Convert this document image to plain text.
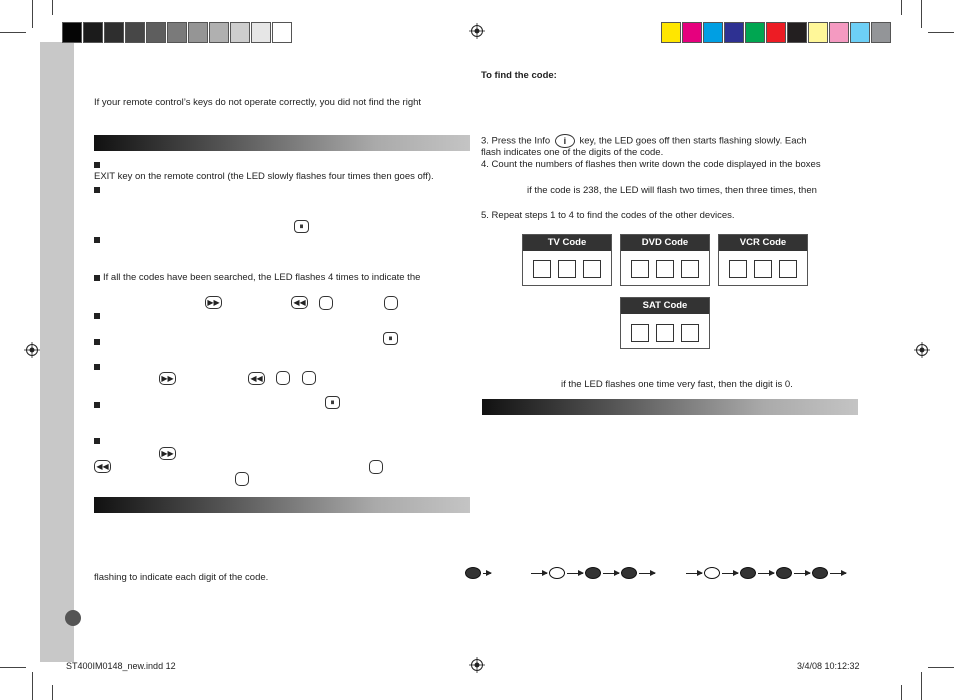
If your remote control’s keys do not operate correctly, you did not find the right
EXIT key on the remote control (the LED slowly flashes four times then goes off).
⏸
If all the codes have been searched, the LED flashes 4 times to indicate the
▶▶	◀◀
⏸
▶▶	◀◀
⏸
▶▶
◀◀
flashing to indicate each digit of the code.
To find the code:
3. Press the Info i key, the LED goes off then starts flashing slowly. Each
flash indicates one of the digits of the code.
4. Count the numbers of flashes then write down the code displayed in the boxes
if the code is 238, the LED will flash two times, then three times, then
5. Repeat steps 1 to 4 to find the codes of the other devices.
TV Code	DVD Code	VCR Code
SAT Code
if the LED flashes one time very fast, then the digit is 0.
ST400IM0148_new.indd 12	3/4/08 10:12:32
